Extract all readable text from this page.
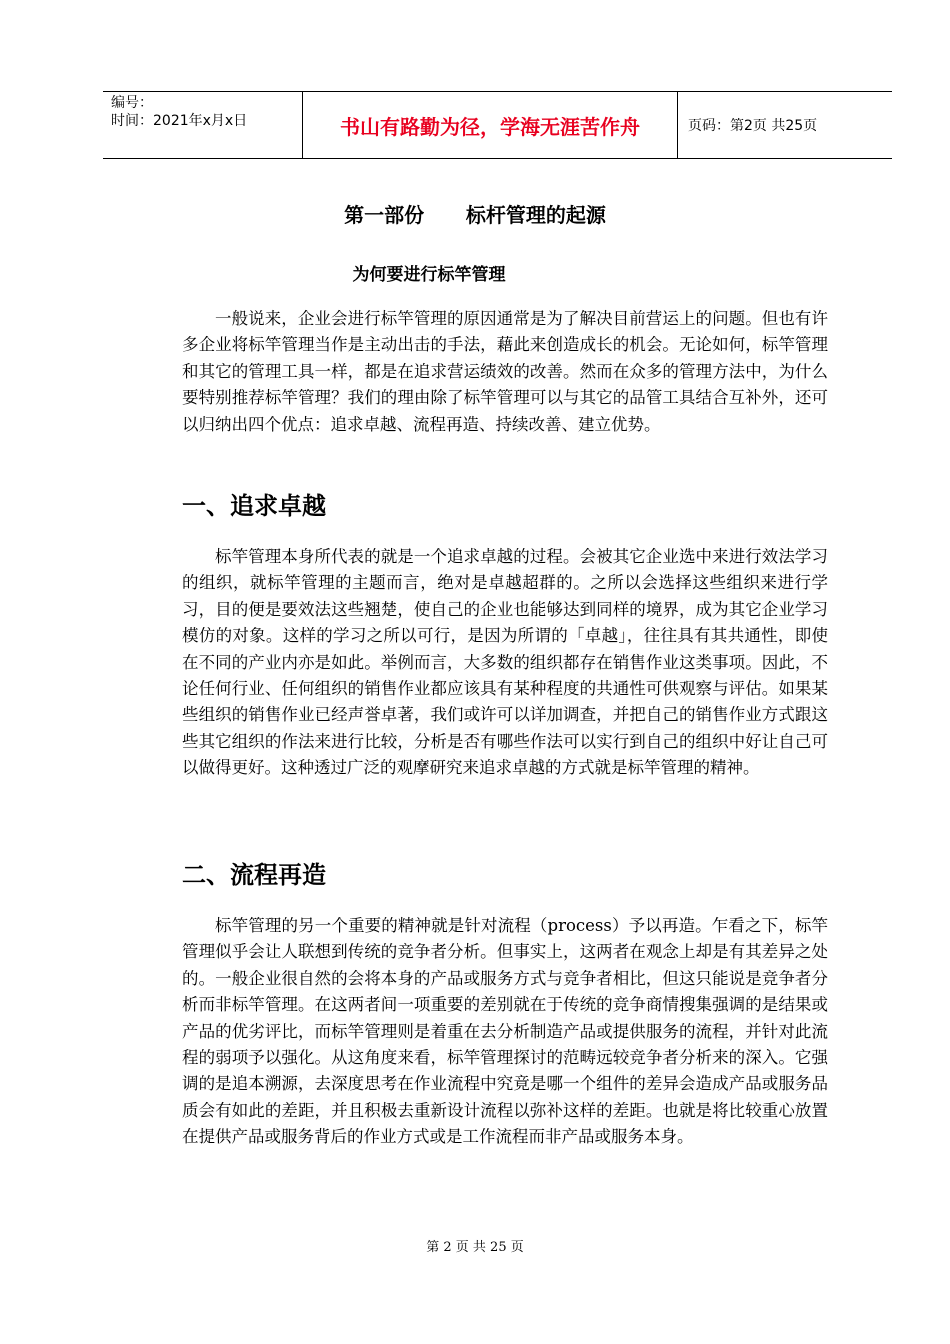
编号：
时间：2021年x月x日	书山有路勤为径，学海无涯苦作舟	页码：第2页 共25页
第一部份      标杆管理的起源
为何要进行标竿管理

一般说来，企业会进行标竿管理的原因通常是为了解决目前营运上的问题。但也有许多企业将标竿管理当作是主动出击的手法，藉此来创造成长的机会。无论如何，标竿管理和其它的管理工具一样，都是在追求营运绩效的改善。然而在众多的管理方法中，为什么要特别推荐标竿管理？我们的理由除了标竿管理可以与其它的品管工具结合互补外，还可以归纳出四个优点：追求卓越、流程再造、持续改善、建立优势。

一、追求卓越

标竿管理本身所代表的就是一个追求卓越的过程。会被其它企业选中来进行效法学习的组织，就标竿管理的主题而言，绝对是卓越超群的。之所以会选择这些组织来进行学习，目的便是要效法这些翘楚，使自己的企业也能够达到同样的境界，成为其它企业学习模仿的对象。这样的学习之所以可行，是因为所谓的「卓越」，往往具有其共通性，即使在不同的产业内亦是如此。举例而言，大多数的组织都存在销售作业这类事项。因此，不论任何行业、任何组织的销售作业都应该具有某种程度的共通性可供观察与评估。如果某些组织的销售作业已经声誉卓著，我们或许可以详加调查，并把自己的销售作业方式跟这些其它组织的作法来进行比较，分析是否有哪些作法可以实行到自己的组织中好让自己可以做得更好。这种透过广泛的观摩研究来追求卓越的方式就是标竿管理的精神。

二、流程再造

标竿管理的另一个重要的精神就是针对流程（process）予以再造。乍看之下，标竿管理似乎会让人联想到传统的竞争者分析。但事实上，这两者在观念上却是有其差异之处的。一般企业很自然的会将本身的产品或服务方式与竞争者相比，但这只能说是竞争者分析而非标竿管理。在这两者间一项重要的差别就在于传统的竞争商情搜集强调的是结果或产品的优劣评比，而标竿管理则是着重在去分析制造产品或提供服务的流程，并针对此流程的弱项予以强化。从这角度来看，标竿管理探讨的范畴远较竞争者分析来的深入。它强调的是追本溯源，去深度思考在作业流程中究竟是哪一个组件的差异会造成产品或服务品质会有如此的差距，并且积极去重新设计流程以弥补这样的差距。也就是将比较重心放置在提供产品或服务背后的作业方式或是工作流程而非产品或服务本身。

第 2 页 共 25 页
